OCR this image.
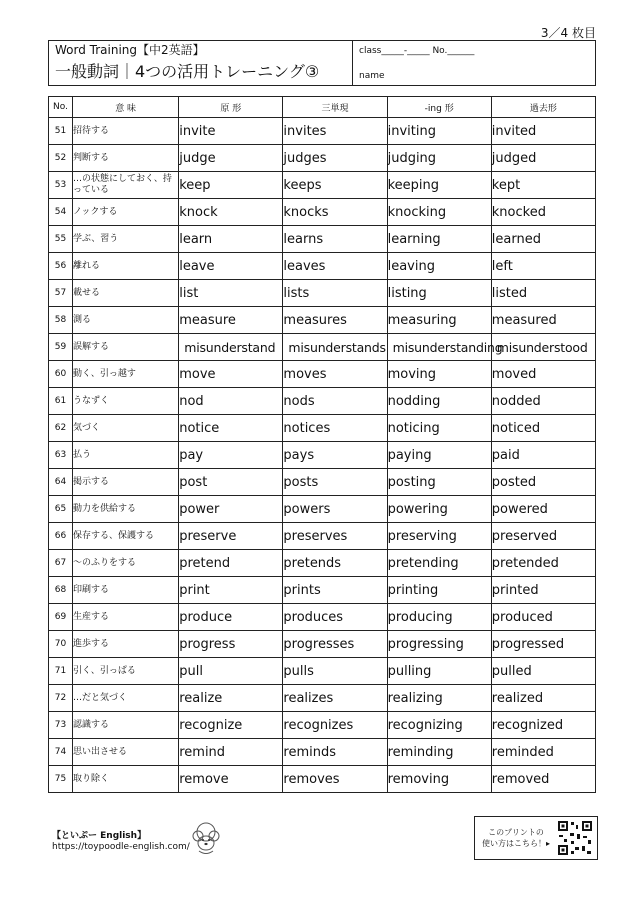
3／4 枚目
Word Training【中2英語】
一般動詞｜4つの活用トレーニング③
class_____-_____ No.______
name
No.	意 味	原 形	三単現	-ing 形	過去形
51	招待する	invite	invites	inviting	invited
52	判断する	judge	judges	judging	judged
53	…の状態にしておく、持っている	keep	keeps	keeping	kept
54	ノックする	knock	knocks	knocking	knocked
55	学ぶ、習う	learn	learns	learning	learned
56	離れる	leave	leaves	leaving	left
57	載せる	list	lists	listing	listed
58	測る	measure	measures	measuring	measured
59	誤解する	misunderstand	misunderstands	misunderstanding	misunderstood
60	動く、引っ越す	move	moves	moving	moved
61	うなずく	nod	nods	nodding	nodded
62	気づく	notice	notices	noticing	noticed
63	払う	pay	pays	paying	paid
64	掲示する	post	posts	posting	posted
65	動力を供給する	power	powers	powering	powered
66	保存する、保護する	preserve	preserves	preserving	preserved
67	～のふりをする	pretend	pretends	pretending	pretended
68	印刷する	print	prints	printing	printed
69	生産する	produce	produces	producing	produced
70	進歩する	progress	progresses	progressing	progressed
71	引く、引っぱる	pull	pulls	pulling	pulled
72	…だと気づく	realize	realizes	realizing	realized
73	認識する	recognize	recognizes	recognizing	recognized
74	思い出させる	remind	reminds	reminding	reminded
75	取り除く	remove	removes	removing	removed
【といぷー English】
https://toypoodle-english.com/
このプリントの
使い方はこちら！▸
